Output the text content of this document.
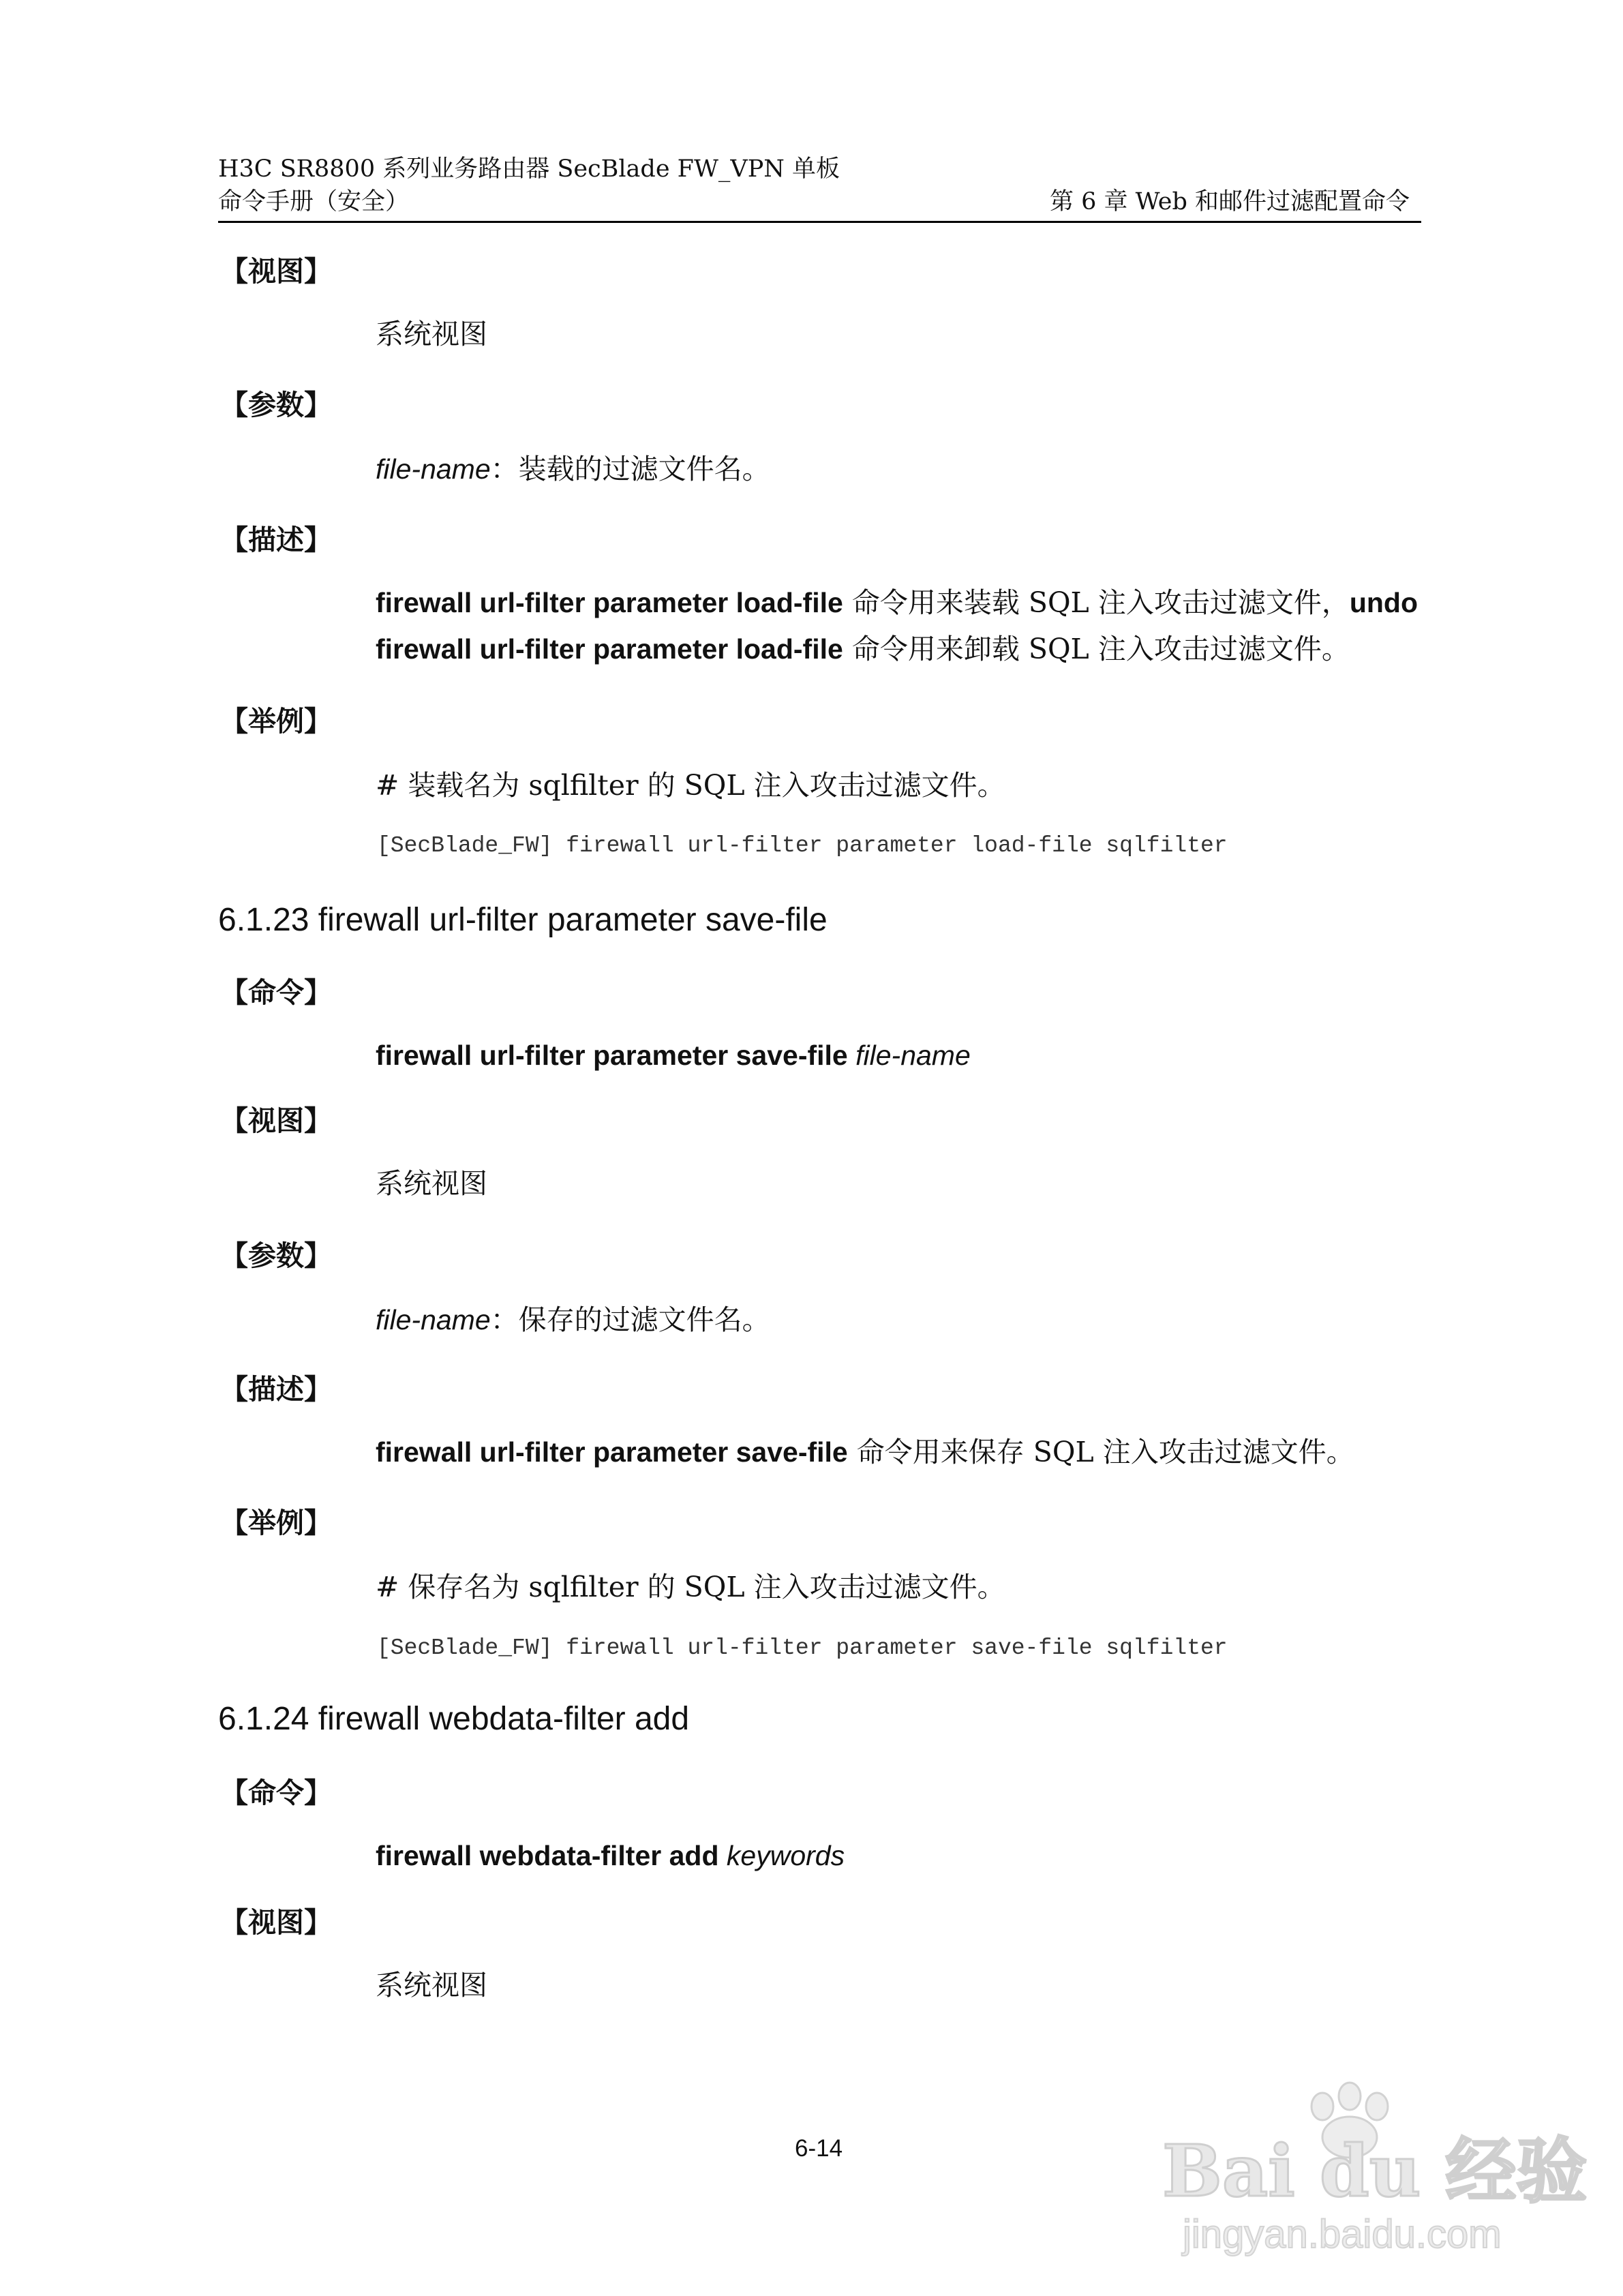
H3C SR8800 系列业务路由器 SecBlade FW_VPN 单板
命令手册（安全）	第 6 章 Web 和邮件过滤配置命令
【视图】
系统视图
【参数】
file-name：装载的过滤文件名。
【描述】
firewall url-filter parameter load-file 命令用来装载 SQL 注入攻击过滤文件，undo
firewall url-filter parameter load-file 命令用来卸载 SQL 注入攻击过滤文件。
【举例】
# 装载名为 sqlfilter 的 SQL 注入攻击过滤文件。
[SecBlade_FW] firewall url-filter parameter load-file sqlfilter
6.1.23 firewall url-filter parameter save-file
【命令】
firewall url-filter parameter save-file file-name
【视图】
系统视图
【参数】
file-name：保存的过滤文件名。
【描述】
firewall url-filter parameter save-file 命令用来保存 SQL 注入攻击过滤文件。
【举例】
# 保存名为 sqlfilter 的 SQL 注入攻击过滤文件。
[SecBlade_FW] firewall url-filter parameter save-file sqlfilter
6.1.24 firewall webdata-filter add
【命令】
firewall webdata-filter add keywords
【视图】
系统视图
6-14	Bai du 经验
jingyan.baidu.com
